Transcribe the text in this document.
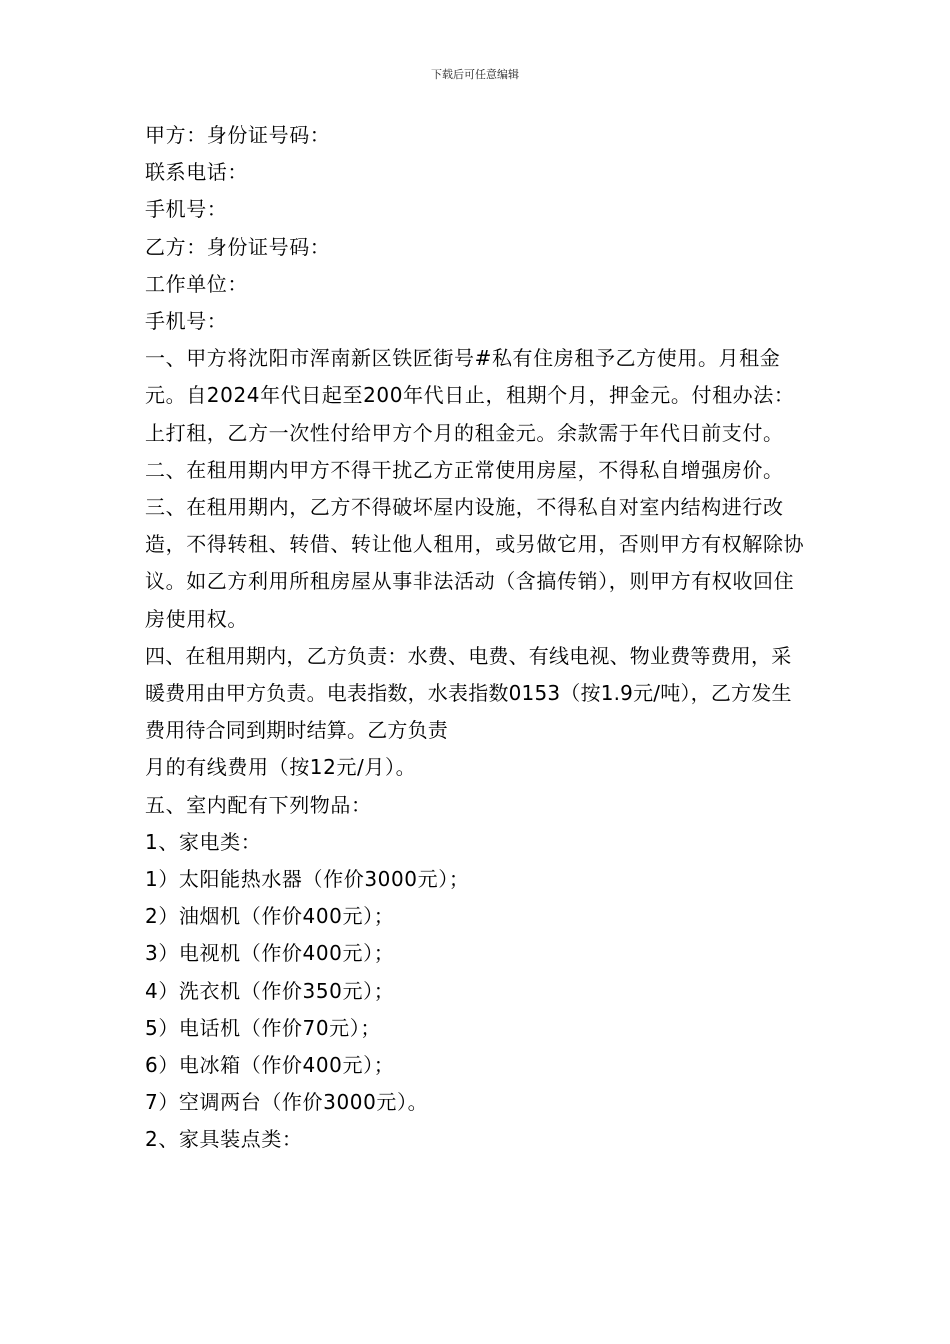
下载后可任意编辑

甲方：身份证号码：

联系电话：

手机号：

乙方：身份证号码：

工作单位：

手机号：

一、甲方将沈阳市浑南新区铁匠街号#私有住房租予乙方使用。月租金元。自2024年代日起至200年代日止，租期个月，押金元。付租办法：上打租，乙方一次性付给甲方个月的租金元。余款需于年代日前支付。

二、在租用期内甲方不得干扰乙方正常使用房屋，不得私自增强房价。

三、在租用期内，乙方不得破坏屋内设施，不得私自对室内结构进行改造，不得转租、转借、转让他人租用，或另做它用，否则甲方有权解除协议。如乙方利用所租房屋从事非法活动（含搞传销），则甲方有权收回住房使用权。

四、在租用期内，乙方负责：水费、电费、有线电视、物业费等费用，采暖费用由甲方负责。电表指数，水表指数0153（按1.9元/吨），乙方发生费用待合同到期时结算。乙方负责

月的有线费用（按12元/月）。

五、室内配有下列物品：

1、家电类：

1）太阳能热水器（作价3000元）；

2）油烟机（作价400元）；

3）电视机（作价400元）；

4）洗衣机（作价350元）；

5）电话机（作价70元）；

6）电冰箱（作价400元）；

7）空调两台（作价3000元）。

2、家具装点类：
